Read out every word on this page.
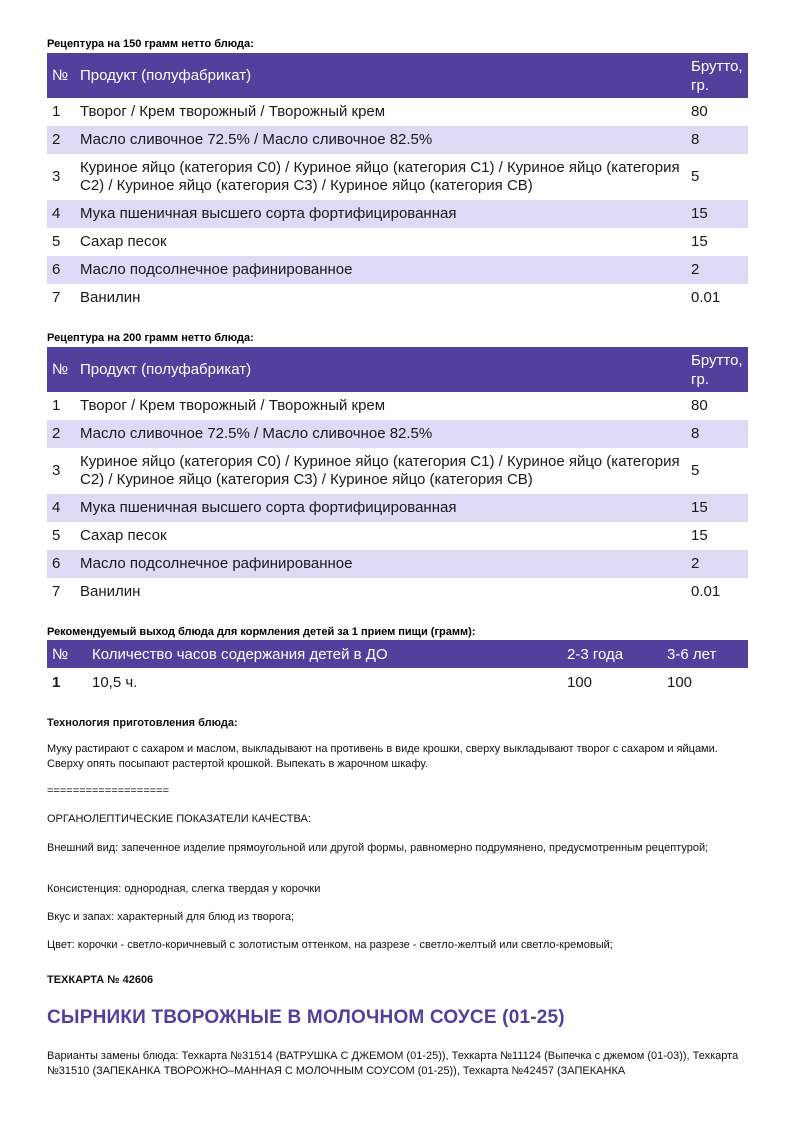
Рецептура на 150 грамм нетто блюда:
№	Продукт (полуфабрикат)	Брутто, гр.
1	Творог / Крем творожный / Творожный крем	80
2	Масло сливочное 72.5% / Масло сливочное 82.5%	8
3	Куриное яйцо (категория С0) / Куриное яйцо (категория С1) / Куриное яйцо (категория С2) / Куриное яйцо (категория С3) / Куриное яйцо (категория СВ)	5
4	Мука пшеничная высшего сорта фортифицированная	15
5	Сахар песок	15
6	Масло подсолнечное рафинированное	2
7	Ванилин	0.01
Рецептура на 200 грамм нетто блюда:
№	Продукт (полуфабрикат)	Брутто, гр.
1	Творог / Крем творожный / Творожный крем	80
2	Масло сливочное 72.5% / Масло сливочное 82.5%	8
3	Куриное яйцо (категория С0) / Куриное яйцо (категория С1) / Куриное яйцо (категория С2) / Куриное яйцо (категория С3) / Куриное яйцо (категория СВ)	5
4	Мука пшеничная высшего сорта фортифицированная	15
5	Сахар песок	15
6	Масло подсолнечное рафинированное	2
7	Ванилин	0.01
Рекомендуемый выход блюда для кормления детей за 1 прием пищи (грамм):
№	Количество часов содержания детей в ДО	2-3 года	3-6 лет
1	10,5 ч.	100	100
Технология приготовления блюда:
Муку растирают с сахаром и маслом, выкладывают на противень в виде крошки, сверху выкладывают творог с сахаром и яйцами. Сверху опять посыпают растертой крошкой. Выпекать в жарочном шкафу.
===================
ОРГАНОЛЕПТИЧЕСКИЕ ПОКАЗАТЕЛИ КАЧЕСТВА:
Внешний вид: запеченное изделие прямоугольной или другой формы, равномерно подрумянено, предусмотренным рецептурой;
Консистенция: однородная, слегка твердая у корочки
Вкус и запах: характерный для блюд из творога;
Цвет: корочки - светло-коричневый с золотистым оттенком, на разрезе - светло-желтый или светло-кремовый;
ТЕХКАРТА № 42606
СЫРНИКИ ТВОРОЖНЫЕ В МОЛОЧНОМ СОУСЕ (01-25)
Варианты замены блюда: Техкарта №31514 (ВАТРУШКА С ДЖЕМОМ (01-25)), Техкарта №11124 (Выпечка с джемом (01-03)), Техкарта №31510 (ЗАПЕКАНКА ТВОРОЖНО–МАННАЯ С МОЛОЧНЫМ СОУСОМ (01-25)), Техкарта №42457 (ЗАПЕКАНКА
